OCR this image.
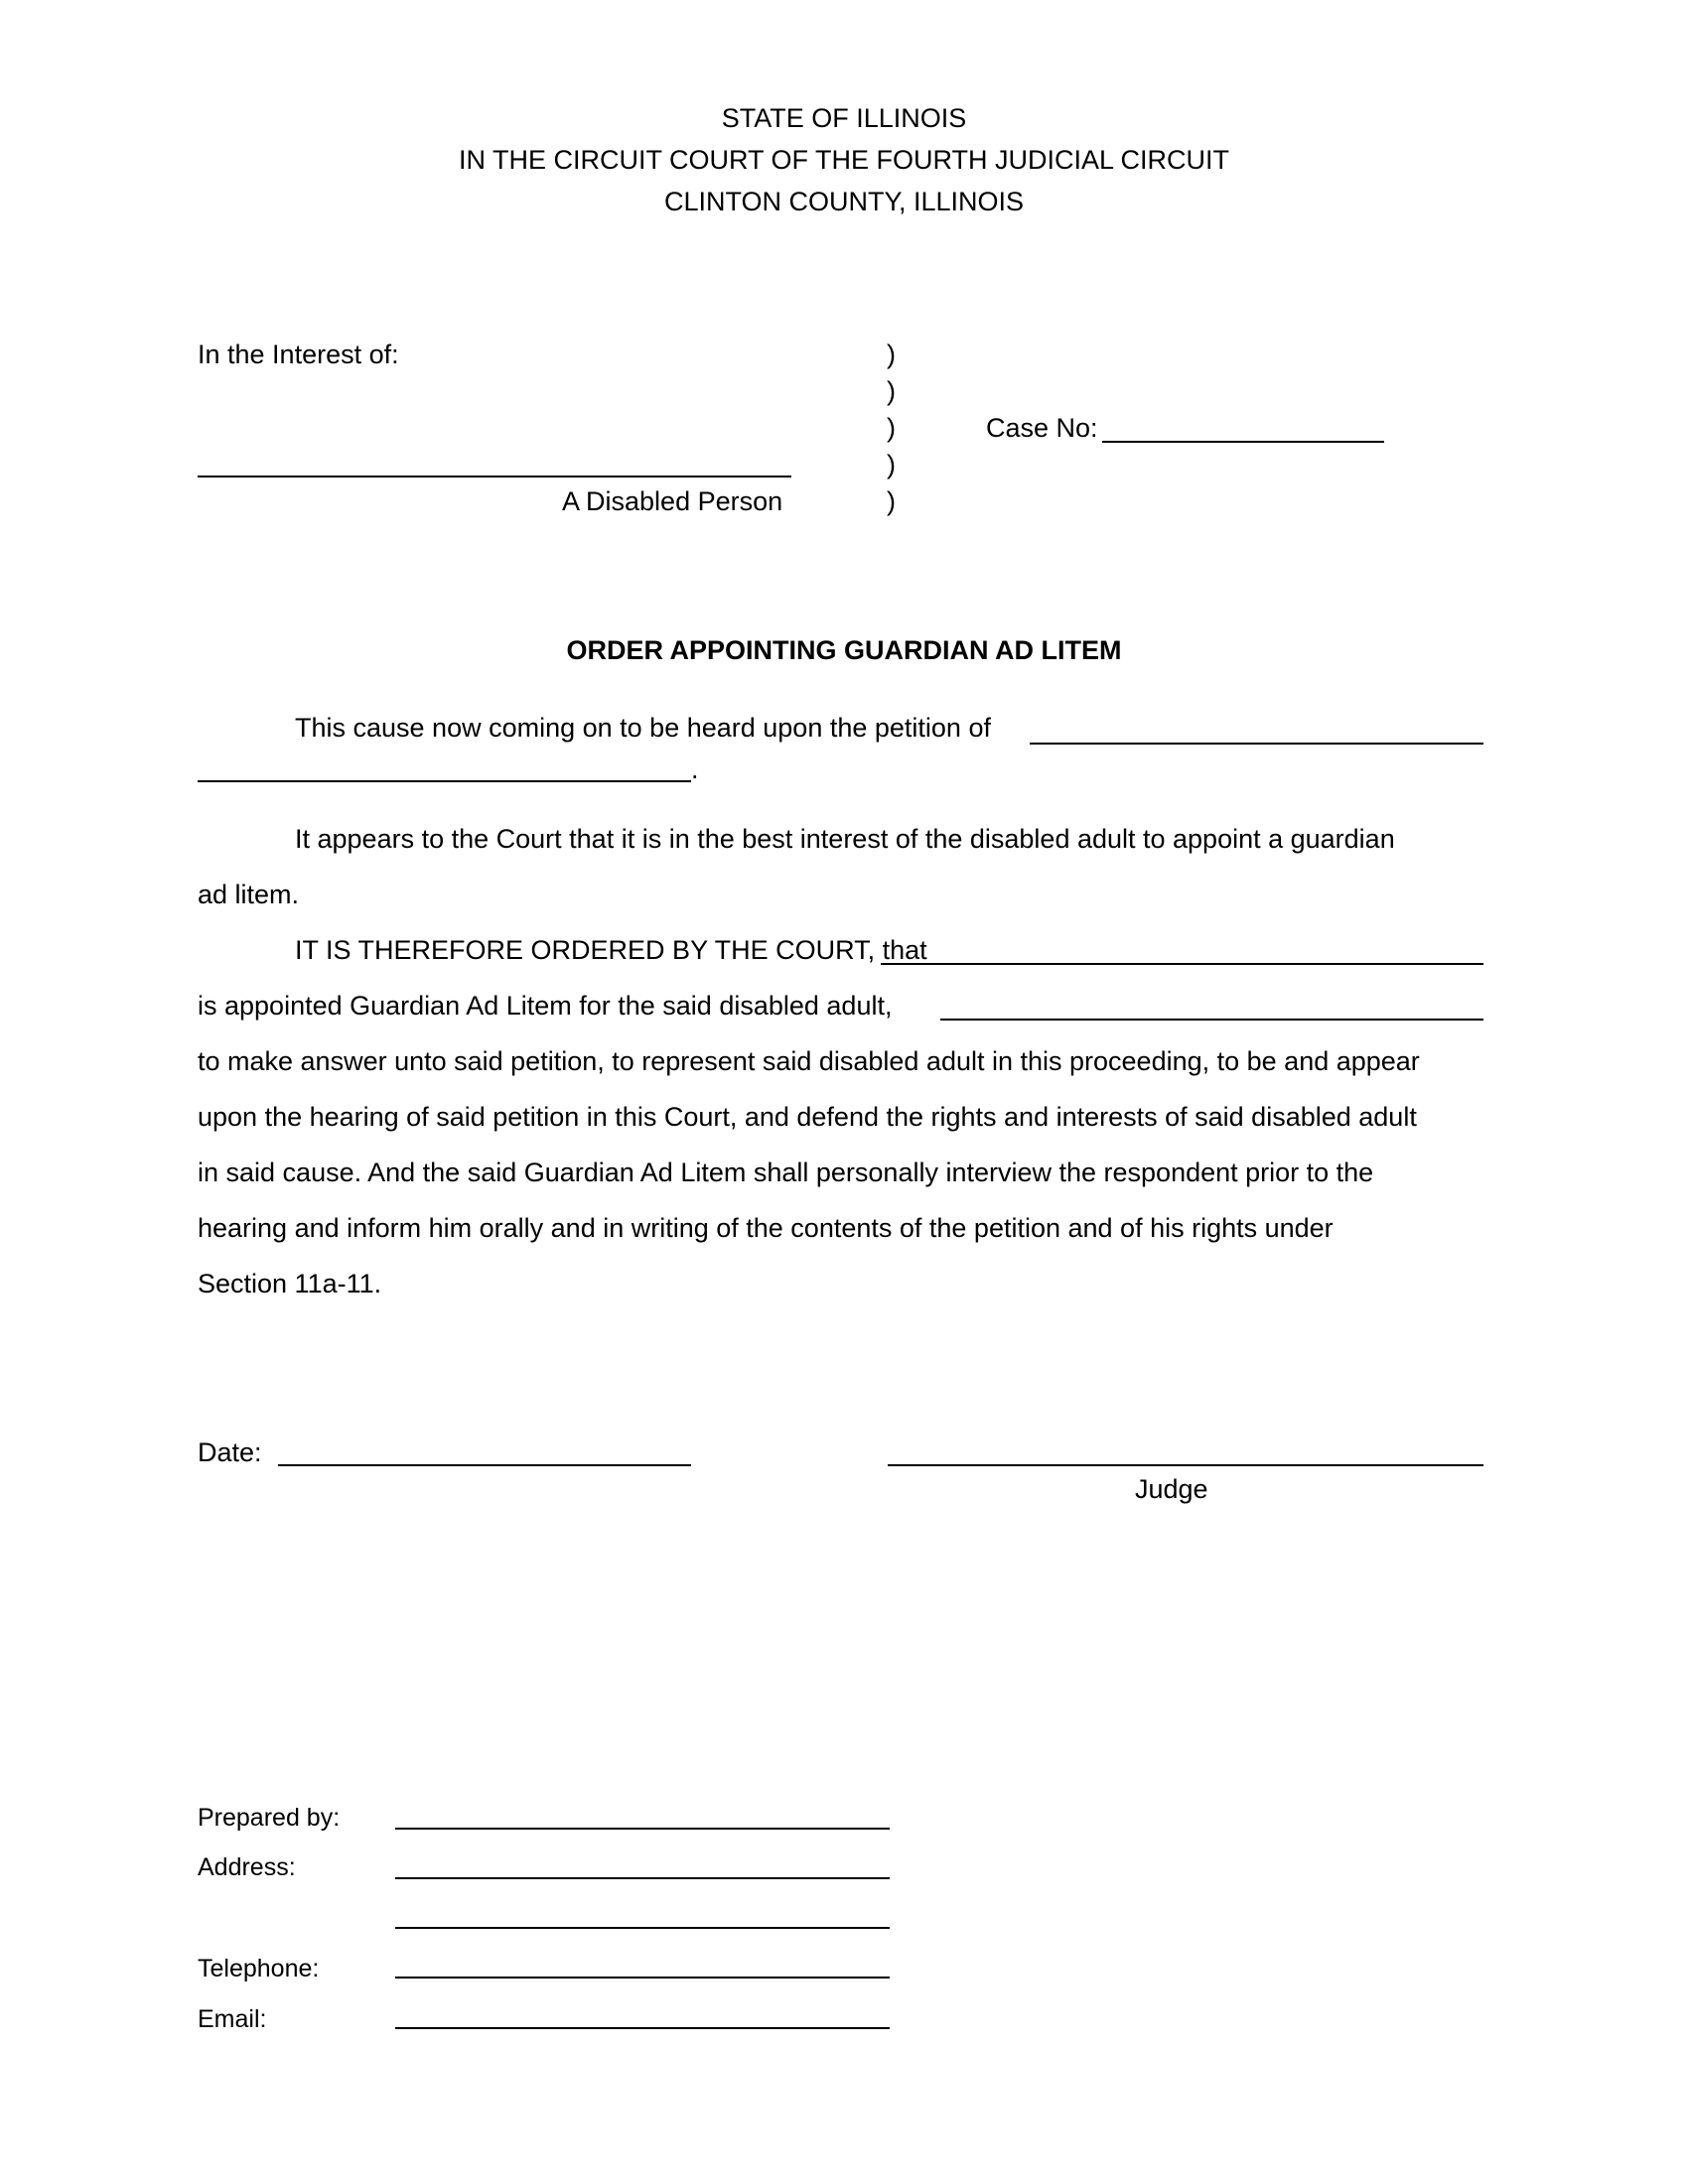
STATE OF ILLINOIS
IN THE CIRCUIT COURT OF THE FOURTH JUDICIAL CIRCUIT
CLINTON COUNTY, ILLINOIS
In the Interest of:
A Disabled Person
)
)
)
)
)
Case No:
ORDER APPOINTING GUARDIAN AD LITEM
This cause now coming on to be heard upon the petition of
.
It appears to the Court that it is in the best interest of the disabled adult to appoint a guardian
ad litem.
IT IS THEREFORE ORDERED BY THE COURT, that
is appointed Guardian Ad Litem for the said disabled adult,
to make answer unto said petition, to represent said disabled adult in this proceeding, to be and appear
upon the hearing of said petition in this Court, and defend the rights and interests of said disabled adult
in said cause. And the said Guardian Ad Litem shall personally interview the respondent prior to the
hearing and inform him orally and in writing of the contents of the petition and of his rights under
Section 11a-11.
Date:
Judge
Prepared by:
Address:
Telephone:
Email:
